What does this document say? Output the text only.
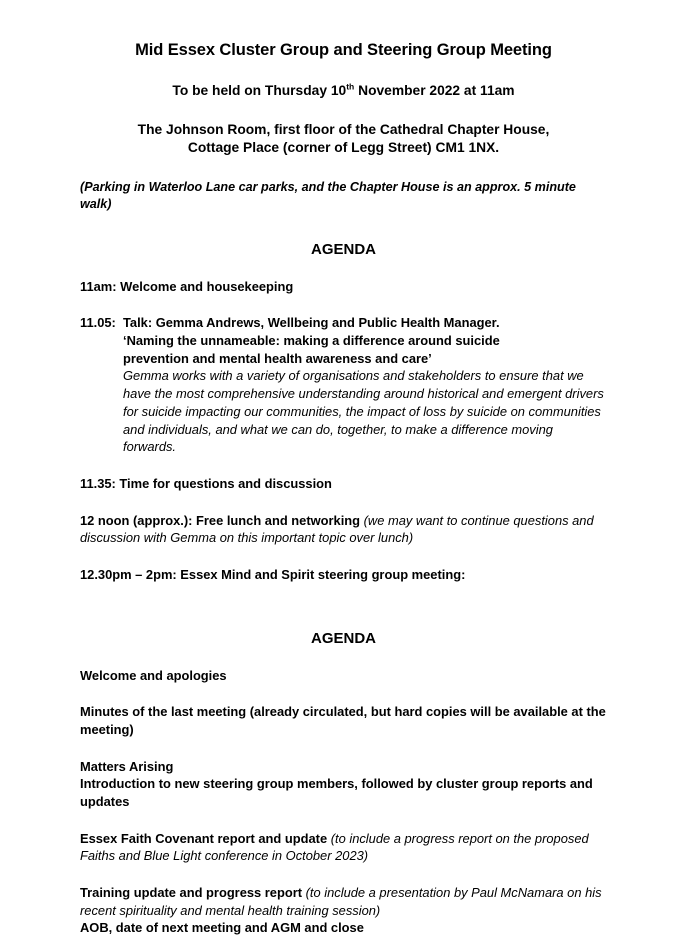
Mid Essex Cluster Group and Steering Group Meeting

To be held on Thursday 10th November 2022 at 11am

The Johnson Room, first floor of the Cathedral Chapter House,
Cottage Place (corner of Legg Street) CM1 1NX.

(Parking in Waterloo Lane car parks, and the Chapter House is an approx. 5 minute walk)

AGENDA

11am: Welcome and housekeeping

11.05: Talk: Gemma Andrews, Wellbeing and Public Health Manager.
‘Naming the unnameable: making a difference around suicide
prevention and mental health awareness and care’
Gemma works with a variety of organisations and stakeholders to ensure that we have the most comprehensive understanding around historical and emergent drivers for suicide impacting our communities, the impact of loss by suicide on communities and individuals, and what we can do, together, to make a difference moving forwards.

11.35: Time for questions and discussion

12 noon (approx.): Free lunch and networking (we may want to continue questions and discussion with Gemma on this important topic over lunch)

12.30pm – 2pm: Essex Mind and Spirit steering group meeting:

AGENDA

Welcome and apologies

Minutes of the last meeting (already circulated, but hard copies will be available at the meeting)

Matters Arising
Introduction to new steering group members, followed by cluster group reports and updates

Essex Faith Covenant report and update (to include a progress report on the proposed Faiths and Blue Light conference in October 2023)

Training update and progress report (to include a presentation by Paul McNamara on his recent spirituality and mental health training session)
AOB, date of next meeting and AGM and close
